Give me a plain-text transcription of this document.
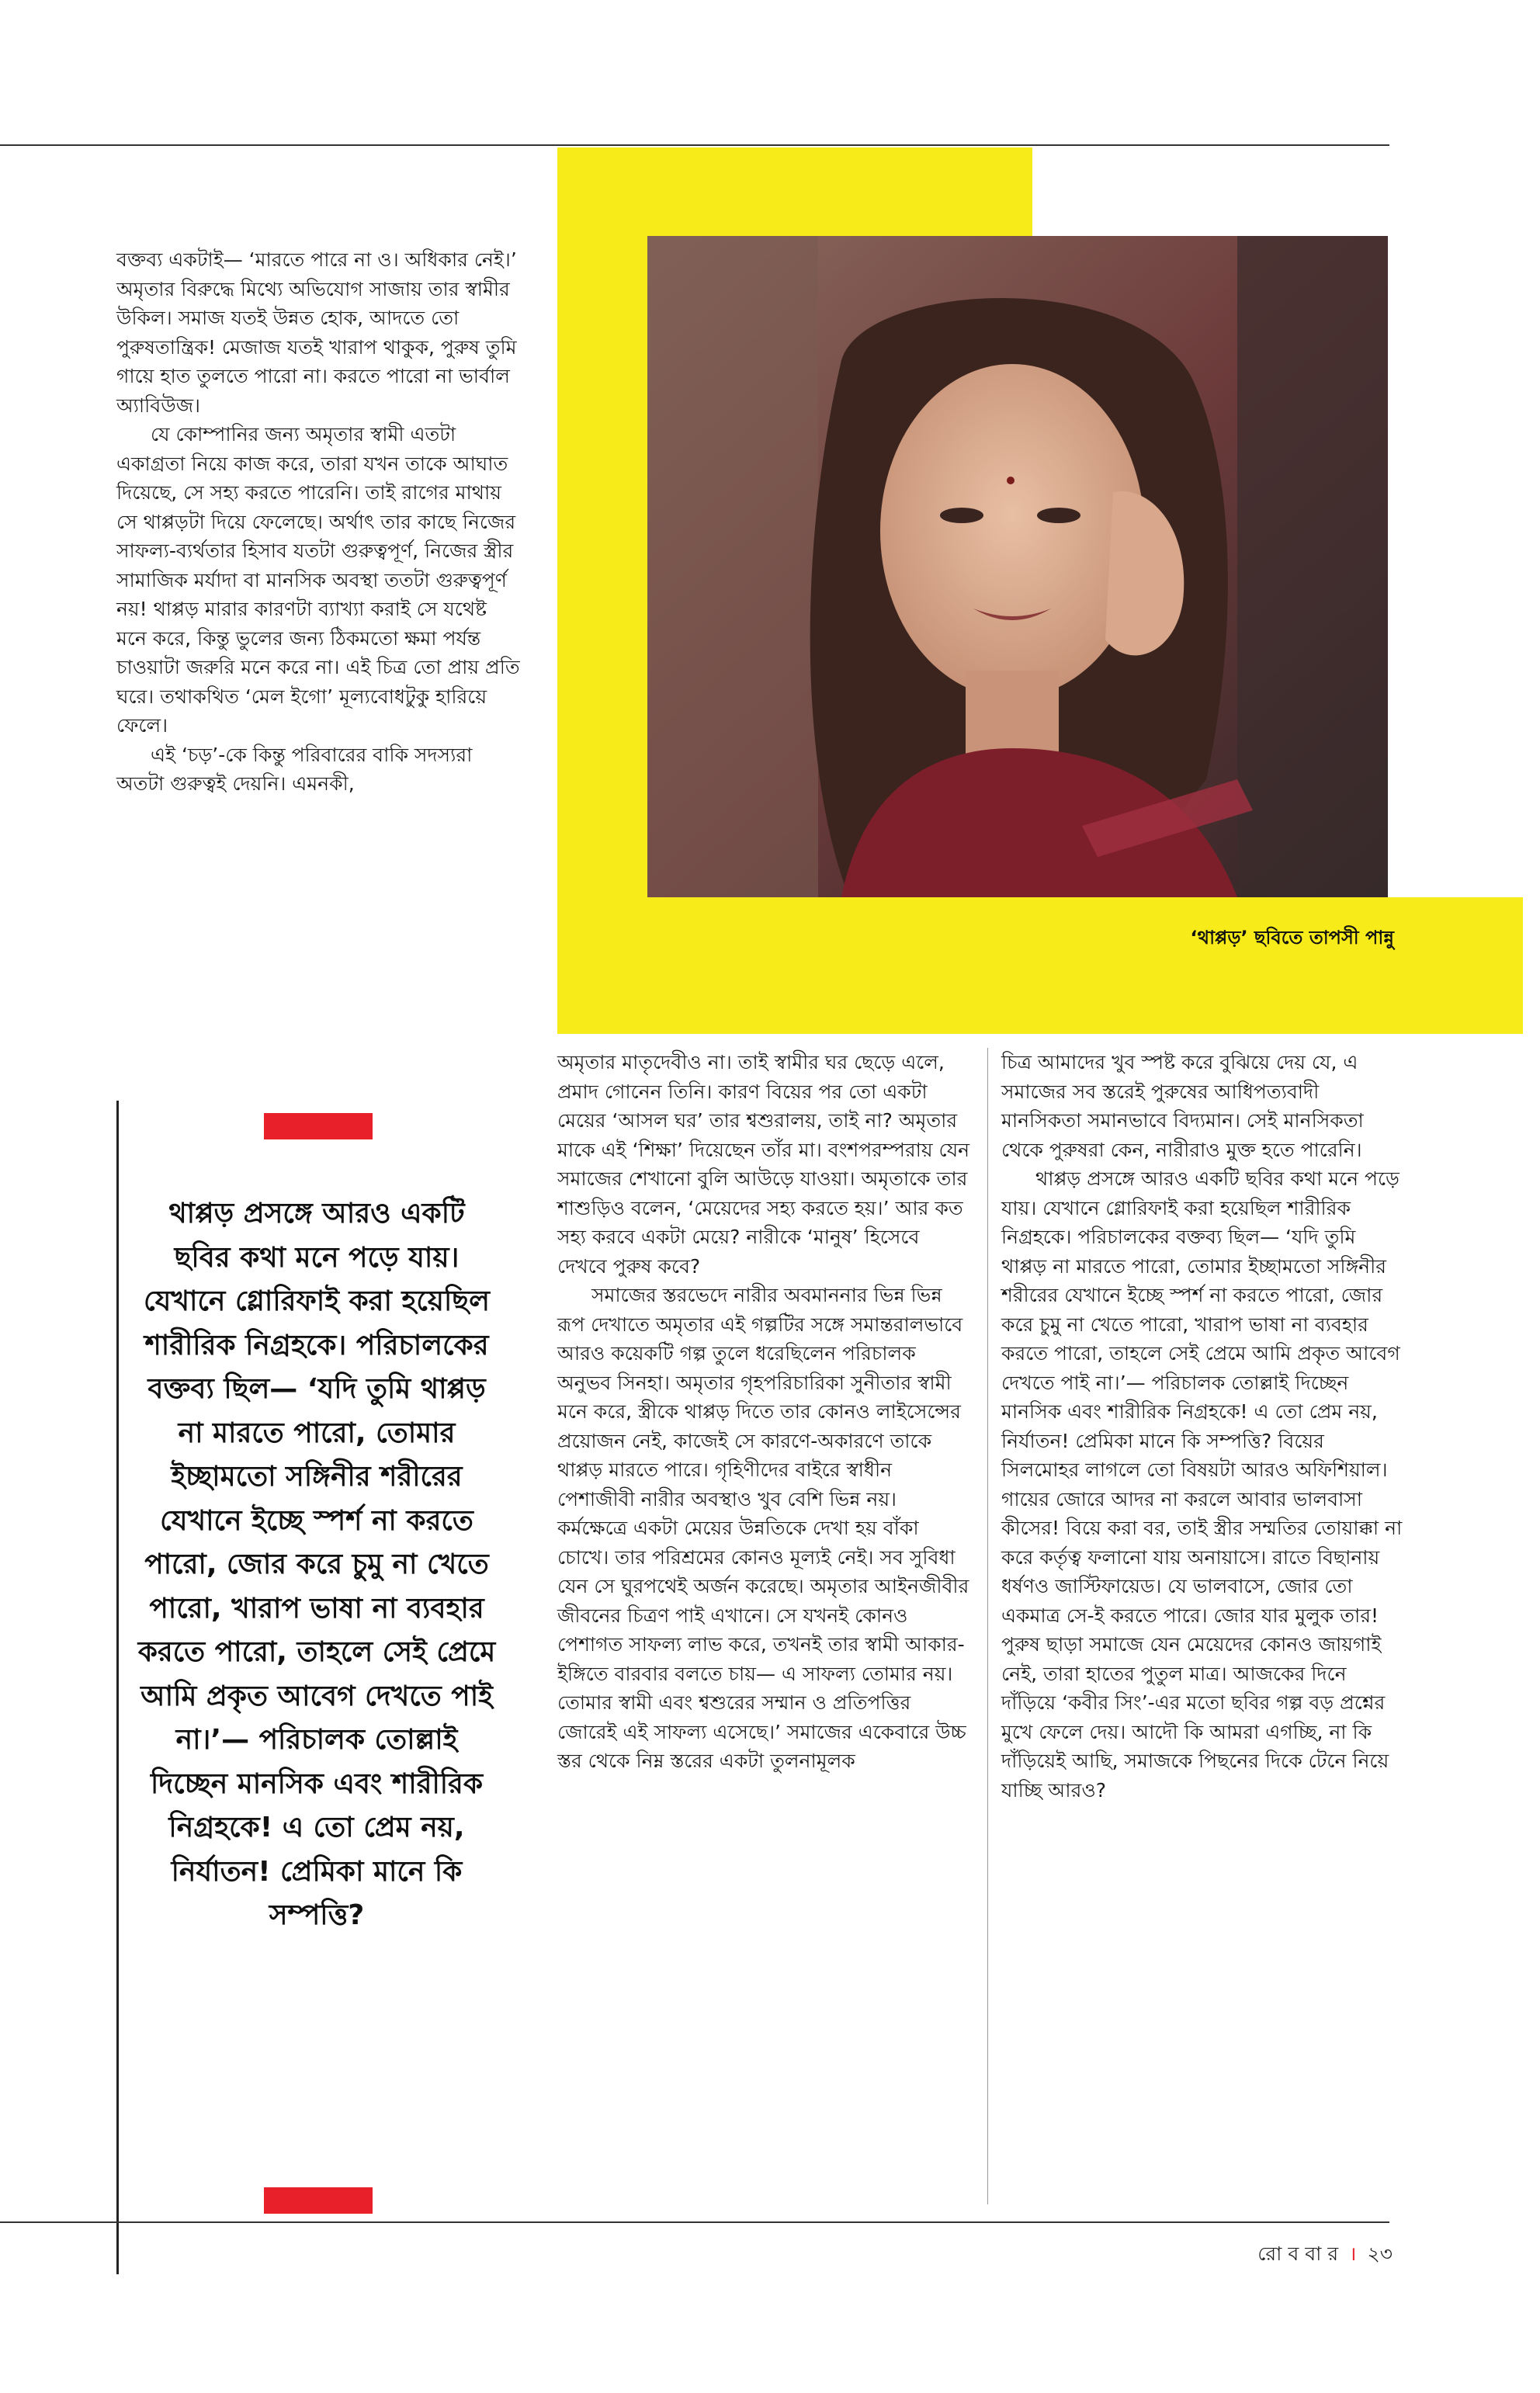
‘থাপ্পড়’ ছবিতে তাপসী পান্নু

বক্তব্য একটাই— ‘মারতে পারে না ও। অধিকার নেই।’ অমৃতার বিরুদ্ধে মিথ্যে অভিযোগ সাজায় তার স্বামীর উকিল। সমাজ যতই উন্নত হোক, আদতে তো পুরুষতান্ত্রিক! মেজাজ যতই খারাপ থাকুক, পুরুষ তুমি গায়ে হাত তুলতে পারো না। করতে পারো না ভার্বাল অ্যাবিউজ।

যে কোম্পানির জন্য অমৃতার স্বামী এতটা একাগ্রতা নিয়ে কাজ করে, তারা যখন তাকে আঘাত দিয়েছে, সে সহ্য করতে পারেনি। তাই রাগের মাথায় সে থাপ্পড়টা দিয়ে ফেলেছে। অর্থাৎ তার কাছে নিজের সাফল্য-ব্যর্থতার হিসাব যতটা গুরুত্বপূর্ণ, নিজের স্ত্রীর সামাজিক মর্যাদা বা মানসিক অবস্থা ততটা গুরুত্বপূর্ণ নয়! থাপ্পড় মারার কারণটা ব্যাখ্যা করাই সে যথেষ্ট মনে করে, কিন্তু ভুলের জন্য ঠিকমতো ক্ষমা পর্যন্ত চাওয়াটা জরুরি মনে করে না। এই চিত্র তো প্রায় প্রতি ঘরে। তথাকথিত ‘মেল ইগো’ মূল্যবোধটুকু হারিয়ে ফেলে।

এই ‘চড়’-কে কিন্তু পরিবারের বাকি সদস্যরা অতটা গুরুত্বই দেয়নি। এমনকী,

থাপ্পড় প্রসঙ্গে আরও একটি ছবির কথা মনে পড়ে যায়। যেখানে গ্লোরিফাই করা হয়েছিল শারীরিক নিগ্রহকে। পরিচালকের বক্তব্য ছিল— ‘যদি তুমি থাপ্পড় না মারতে পারো, তোমার ইচ্ছামতো সঙ্গিনীর শরীরের যেখানে ইচ্ছে স্পর্শ না করতে পারো, জোর করে চুমু না খেতে পারো, খারাপ ভাষা না ব্যবহার করতে পারো, তাহলে সেই প্রেমে আমি প্রকৃত আবেগ দেখতে পাই না।’— পরিচালক তোল্লাই দিচ্ছেন মানসিক এবং শারীরিক নিগ্রহকে! এ তো প্রেম নয়, নির্যাতন! প্রেমিকা মানে কি সম্পত্তি?

অমৃতার মাতৃদেবীও না। তাই স্বামীর ঘর ছেড়ে এলে, প্রমাদ গোনেন তিনি। কারণ বিয়ের পর তো একটা মেয়ের ‘আসল ঘর’ তার শ্বশুরালয়, তাই না? অমৃতার মাকে এই ‘শিক্ষা’ দিয়েছেন তাঁর মা। বংশপরম্পরায় যেন সমাজের শেখানো বুলি আউড়ে যাওয়া। অমৃতাকে তার শাশুড়িও বলেন, ‘মেয়েদের সহ্য করতে হয়।’ আর কত সহ্য করবে একটা মেয়ে? নারীকে ‘মানুষ’ হিসেবে দেখবে পুরুষ কবে?

সমাজের স্তরভেদে নারীর অবমাননার ভিন্ন ভিন্ন রূপ দেখাতে অমৃতার এই গল্পটির সঙ্গে সমান্তরালভাবে আরও কয়েকটি গল্প তুলে ধরেছিলেন পরিচালক অনুভব সিনহা। অমৃতার গৃহপরিচারিকা সুনীতার স্বামী মনে করে, স্ত্রীকে থাপ্পড় দিতে তার কোনও লাইসেন্সের প্রয়োজন নেই, কাজেই সে কারণে-অকারণে তাকে থাপ্পড় মারতে পারে। গৃহিণীদের বাইরে স্বাধীন পেশাজীবী নারীর অবস্থাও খুব বেশি ভিন্ন নয়। কর্মক্ষেত্রে একটা মেয়ের উন্নতিকে দেখা হয় বাঁকা চোখে। তার পরিশ্রমের কোনও মূল্যই নেই। সব সুবিধা যেন সে ঘুরপথেই অর্জন করেছে। অমৃতার আইনজীবীর জীবনের চিত্রণ পাই এখানে। সে যখনই কোনও পেশাগত সাফল্য লাভ করে, তখনই তার স্বামী আকার-ইঙ্গিতে বারবার বলতে চায়— এ সাফল্য তোমার নয়। তোমার স্বামী এবং শ্বশুরের সম্মান ও প্রতিপত্তির জোরেই এই সাফল্য এসেছে।’ সমাজের একেবারে উচ্চ স্তর থেকে নিম্ন স্তরের একটা তুলনামূলক

চিত্র আমাদের খুব স্পষ্ট করে বুঝিয়ে দেয় যে, এ সমাজের সব স্তরেই পুরুষের আধিপত্যবাদী মানসিকতা সমানভাবে বিদ্যমান। সেই মানসিকতা থেকে পুরুষরা কেন, নারীরাও মুক্ত হতে পারেনি।

থাপ্পড় প্রসঙ্গে আরও একটি ছবির কথা মনে পড়ে যায়। যেখানে গ্লোরিফাই করা হয়েছিল শারীরিক নিগ্রহকে। পরিচালকের বক্তব্য ছিল— ‘যদি তুমি থাপ্পড় না মারতে পারো, তোমার ইচ্ছামতো সঙ্গিনীর শরীরের যেখানে ইচ্ছে স্পর্শ না করতে পারো, জোর করে চুমু না খেতে পারো, খারাপ ভাষা না ব্যবহার করতে পারো, তাহলে সেই প্রেমে আমি প্রকৃত আবেগ দেখতে পাই না।’— পরিচালক তোল্লাই দিচ্ছেন মানসিক এবং শারীরিক নিগ্রহকে! এ তো প্রেম নয়, নির্যাতন! প্রেমিকা মানে কি সম্পত্তি? বিয়ের সিলমোহর লাগলে তো বিষয়টা আরও অফিশিয়াল। গায়ের জোরে আদর না করলে আবার ভালবাসা কীসের! বিয়ে করা বর, তাই স্ত্রীর সম্মতির তোয়াক্কা না করে কর্তৃত্ব ফলানো যায় অনায়াসে। রাতে বিছানায় ধর্ষণও জাস্টিফায়েড। যে ভালবাসে, জোর তো একমাত্র সে-ই করতে পারে। জোর যার মুলুক তার! পুরুষ ছাড়া সমাজে যেন মেয়েদের কোনও জায়গাই নেই, তারা হাতের পুতুল মাত্র। আজকের দিনে দাঁড়িয়ে ‘কবীর সিং’-এর মতো ছবির গল্প বড় প্রশ্নের মুখে ফেলে দেয়। আদৌ কি আমরা এগচ্ছি, না কি দাঁড়িয়েই আছি, সমাজকে পিছনের দিকে টেনে নিয়ে যাচ্ছি আরও?

রো ব বা র । ২৩
